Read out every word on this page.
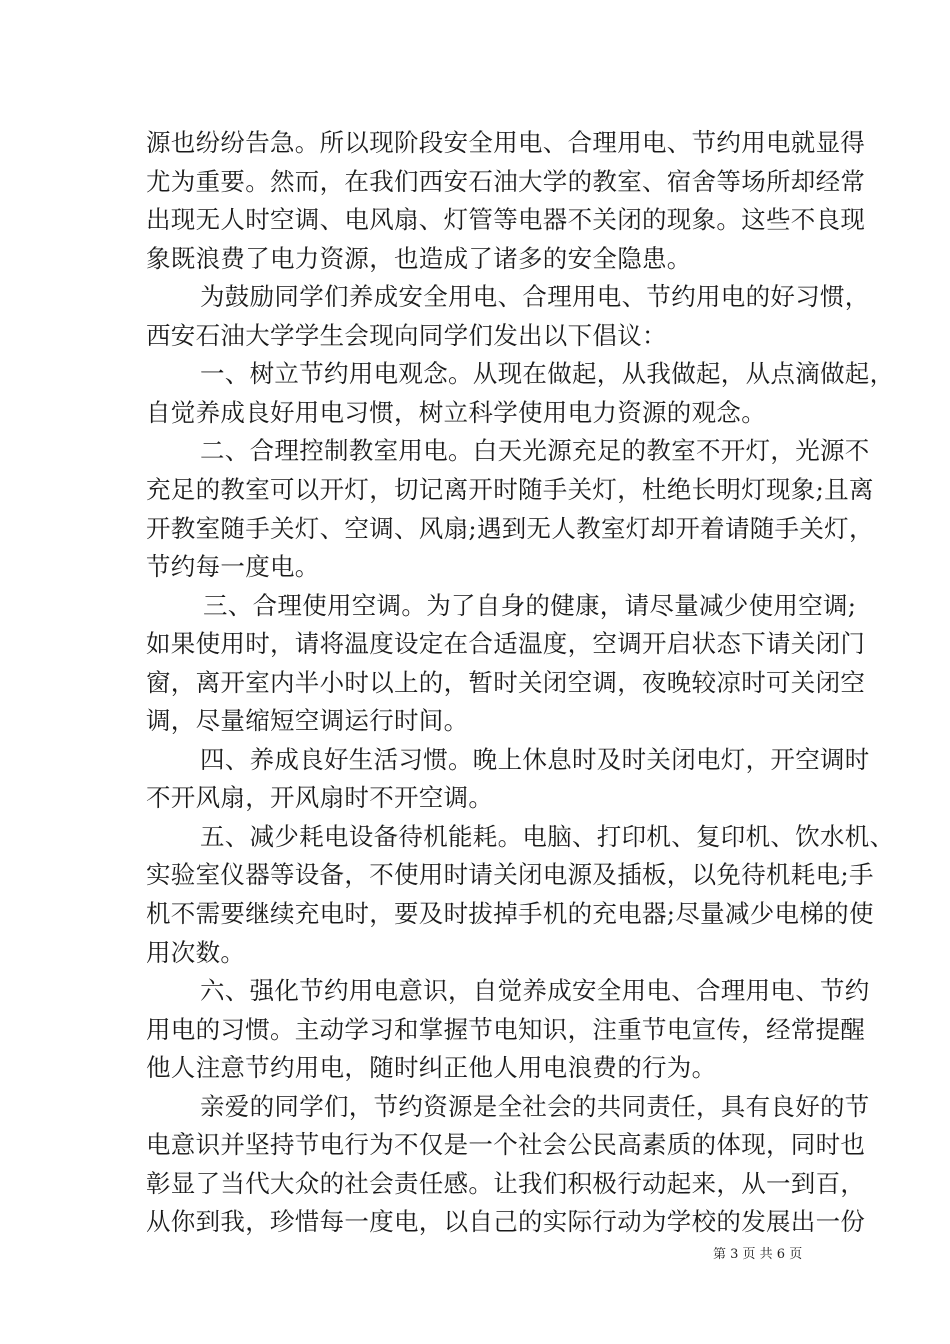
源也纷纷告急。所以现阶段安全用电、合理用电、节约用电就显得
尤为重要。然而，在我们西安石油大学的教室、宿舍等场所却经常
出现无人时空调、电风扇、灯管等电器不关闭的现象。这些不良现
象既浪费了电力资源，也造成了诸多的安全隐患。
为鼓励同学们养成安全用电、合理用电、节约用电的好习惯，
西安石油大学学生会现向同学们发出以下倡议：
一、树立节约用电观念。从现在做起，从我做起，从点滴做起，
自觉养成良好用电习惯，树立科学使用电力资源的观念。
二、合理控制教室用电。白天光源充足的教室不开灯，光源不
充足的教室可以开灯，切记离开时随手关灯，杜绝长明灯现象;且离
开教室随手关灯、空调、风扇;遇到无人教室灯却开着请随手关灯，
节约每一度电。
三、合理使用空调。为了自身的健康，请尽量减少使用空调;
如果使用时，请将温度设定在合适温度，空调开启状态下请关闭门
窗，离开室内半小时以上的，暂时关闭空调，夜晚较凉时可关闭空
调，尽量缩短空调运行时间。
四、养成良好生活习惯。晚上休息时及时关闭电灯，开空调时
不开风扇，开风扇时不开空调。
五、减少耗电设备待机能耗。电脑、打印机、复印机、饮水机、
实验室仪器等设备，不使用时请关闭电源及插板，以免待机耗电;手
机不需要继续充电时，要及时拔掉手机的充电器;尽量减少电梯的使
用次数。
六、强化节约用电意识，自觉养成安全用电、合理用电、节约
用电的习惯。主动学习和掌握节电知识，注重节电宣传，经常提醒
他人注意节约用电，随时纠正他人用电浪费的行为。
亲爱的同学们，节约资源是全社会的共同责任，具有良好的节
电意识并坚持节电行为不仅是一个社会公民高素质的体现，同时也
彰显了当代大众的社会责任感。让我们积极行动起来，从一到百，
从你到我，珍惜每一度电，以自己的实际行动为学校的发展出一份
第 3 页 共 6 页
